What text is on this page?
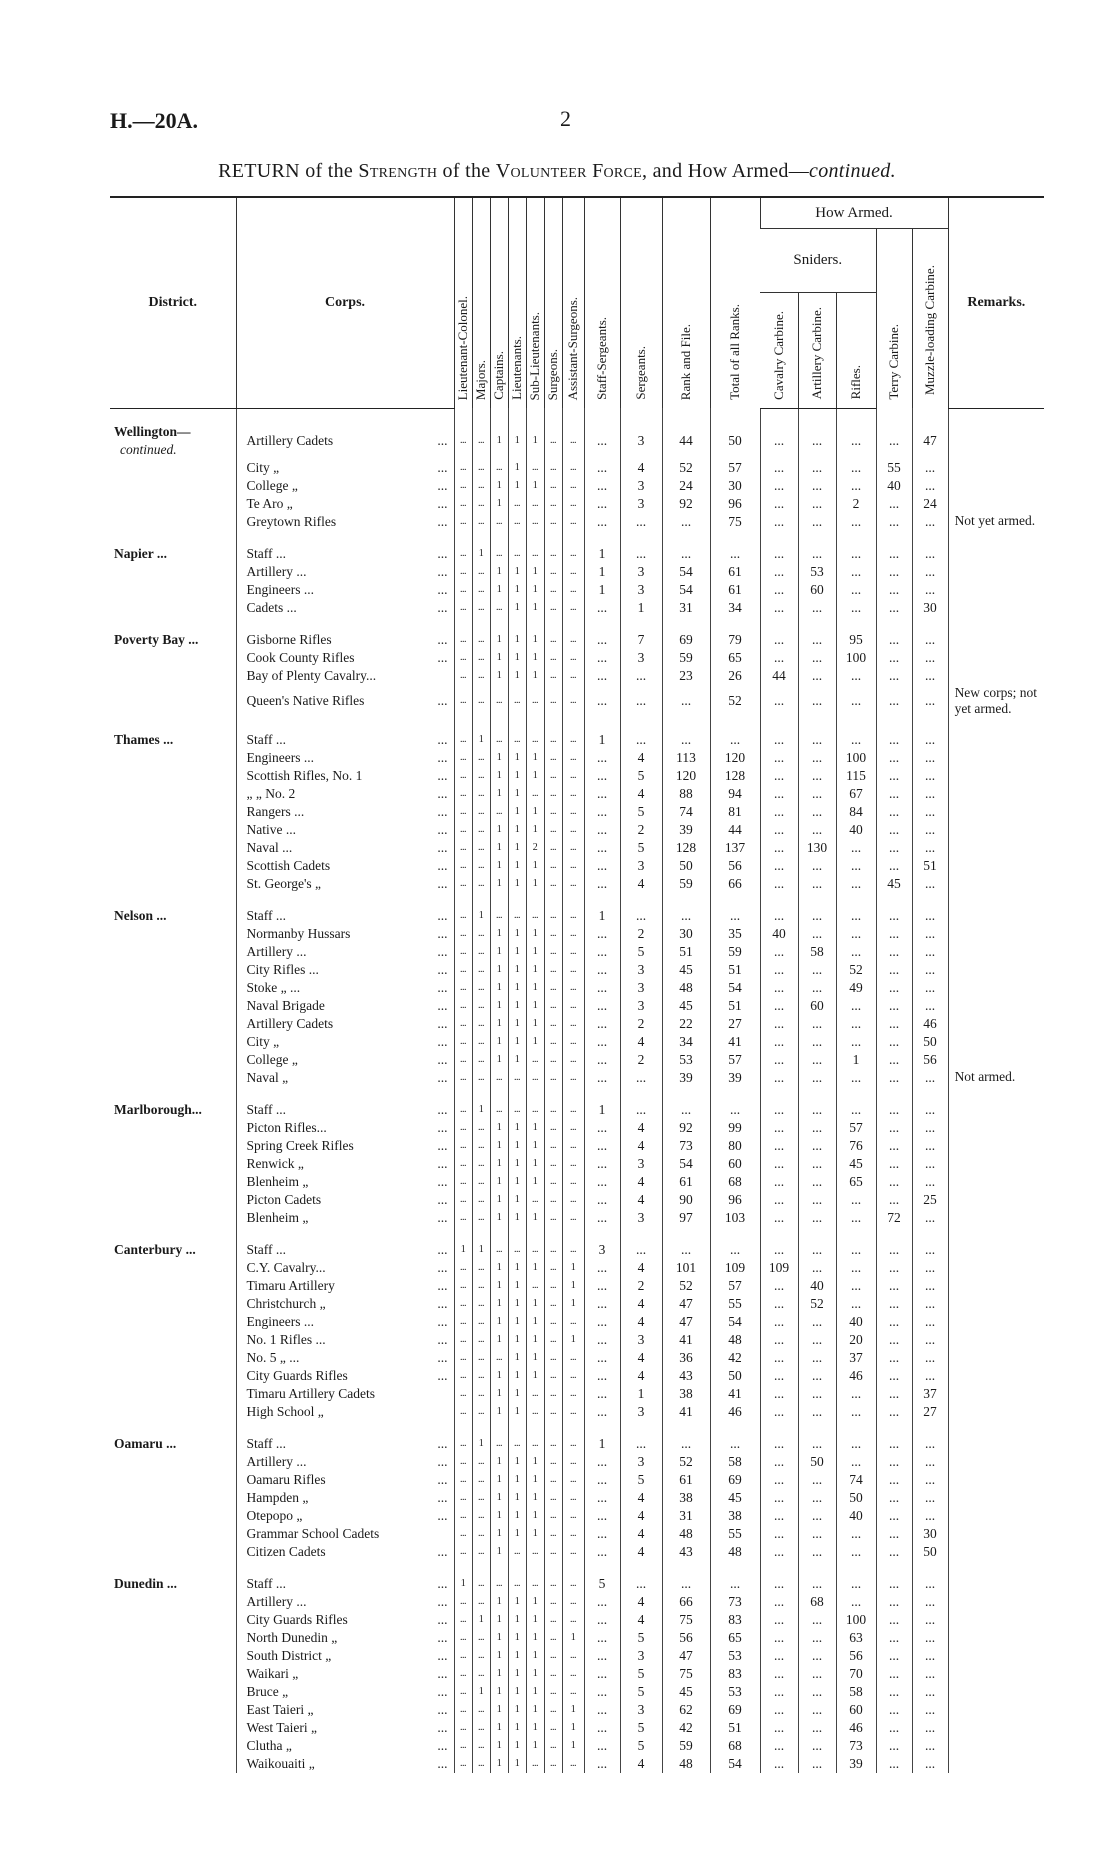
H.—20A.	2
RETURN of the Strength of the Volunteer Force, and How Armed—continued.
District.	Corps.	Lieutenant-Colonel.	Majors.	Captains.	Lieutenants.	Sub-Lieutenants.	Surgeons.	Assistant-Surgeons.	Staff-Sergeants.	Sergeants.	Rank and File.	Total of all Ranks.	How Armed.					Remarks.
													Sniders.			Terry Carbine.	Muzzle-loading Carbine.	

													Cavalry Carbine.	Artillery Carbine.	Rifles.			

Wellington—
continued.	Artillery Cadets ...	...	...	1	1	1	...	...	...	3	44	50	...	...	...	...	47	
	City „ ...	...	...	...	1	...	...	...	...	4	52	57	...	...	...	55	...	
	College „ ...	...	...	1	1	1	...	...	...	3	24	30	...	...	...	40	...	
	Te Aro „ ...	...	...	1	...	...	...	...	...	3	92	96	...	...	2	...	24	
	Greytown Rifles ...	...	...	...	...	...	...	...	...	...	...	75	...	...	...	...	...	Not yet armed.

Napier ...	Staff ... ...	...	1	...	...	...	...	...	1	...	...	...	...	...	...	...	...	
	Artillery ... ...	...	...	1	1	1	...	...	1	3	54	61	...	53	...	...	...	
	Engineers ... ...	...	...	1	1	1	...	...	1	3	54	61	...	60	...	...	...	
	Cadets ... ...	...	...	...	1	1	...	...	...	1	31	34	...	...	...	...	30	

Poverty Bay ...	Gisborne Rifles ...	...	...	1	1	1	...	...	...	7	69	79	...	...	95	...	...	
	Cook County Rifles ...	...	...	1	1	1	...	...	...	3	59	65	...	...	100	...	...	
	Bay of Plenty Cavalry...	...	...	1	1	1	...	...	...	...	23	26	44	...	...	...	...	
	Queen's Native Rifles ...	...	...	...	...	...	...	...	...	...	...	52	...	...	...	...	...	New corps; not yet armed.

Thames ...	Staff ... ...	...	1	...	...	...	...	...	1	...	...	...	...	...	...	...	...	
	Engineers ... ...	...	...	1	1	1	...	...	...	4	113	120	...	...	100	...	...	
	Scottish Rifles, No. 1 ...	...	...	1	1	1	...	...	...	5	120	128	...	...	115	...	...	
	„ „ No. 2 ...	...	...	1	1	...	...	...	...	4	88	94	...	...	67	...	...	
	Rangers ... ...	...	...	...	1	1	...	...	...	5	74	81	...	...	84	...	...	
	Native ... ...	...	...	1	1	1	...	...	...	2	39	44	...	...	40	...	...	
	Naval ... ...	...	...	1	1	2	...	...	...	5	128	137	...	130	...	...	...	
	Scottish Cadets ...	...	...	1	1	1	...	...	...	3	50	56	...	...	...	...	51	
	St. George's „ ...	...	...	1	1	1	...	...	...	4	59	66	...	...	...	45	...	

Nelson ...	Staff ... ...	...	1	...	...	...	...	...	1	...	...	...	...	...	...	...	...	
	Normanby Hussars ...	...	...	1	1	1	...	...	...	2	30	35	40	...	...	...	...	
	Artillery ... ...	...	...	1	1	1	...	...	...	5	51	59	...	58	...	...	...	
	City Rifles ... ...	...	...	1	1	1	...	...	...	3	45	51	...	...	52	...	...	
	Stoke „ ... ...	...	...	1	1	1	...	...	...	3	48	54	...	...	49	...	...	
	Naval Brigade ...	...	...	1	1	1	...	...	...	3	45	51	...	60	...	...	...	
	Artillery Cadets ...	...	...	1	1	1	...	...	...	2	22	27	...	...	...	...	46	
	City „ ...	...	...	1	1	1	...	...	...	4	34	41	...	...	...	...	50	
	College „ ...	...	...	1	1	...	...	...	...	2	53	57	...	...	1	...	56	
	Naval „ ...	...	...	...	...	...	...	...	...	...	39	39	...	...	...	...	...	Not armed.

Marlborough...	Staff ... ...	...	1	...	...	...	...	...	1	...	...	...	...	...	...	...	...	
	Picton Rifles... ...	...	...	1	1	1	...	...	...	4	92	99	...	...	57	...	...	
	Spring Creek Rifles ...	...	...	1	1	1	...	...	...	4	73	80	...	...	76	...	...	
	Renwick „ ...	...	...	1	1	1	...	...	...	3	54	60	...	...	45	...	...	
	Blenheim „ ...	...	...	1	1	1	...	...	...	4	61	68	...	...	65	...	...	
	Picton Cadets ...	...	...	1	1	...	...	...	...	4	90	96	...	...	...	...	25	
	Blenheim „ ...	...	...	1	1	1	...	...	...	3	97	103	...	...	...	72	...	

Canterbury ...	Staff ... ...	1	1	...	...	...	...	...	3	...	...	...	...	...	...	...	...	
	C.Y. Cavalry... ...	...	...	1	1	1	...	1	...	4	101	109	109	...	...	...	...	
	Timaru Artillery ...	...	...	1	1	...	...	1	...	2	52	57	...	40	...	...	...	
	Christchurch „ ...	...	...	1	1	1	...	1	...	4	47	55	...	52	...	...	...	
	Engineers ... ...	...	...	1	1	1	...	...	...	4	47	54	...	...	40	...	...	
	No. 1 Rifles ... ...	...	...	1	1	1	...	1	...	3	41	48	...	...	20	...	...	
	No. 5 „ ... ...	...	...	...	1	1	...	...	...	4	36	42	...	...	37	...	...	
	City Guards Rifles ...	...	...	1	1	1	...	...	...	4	43	50	...	...	46	...	...	
	Timaru Artillery Cadets	...	...	1	1	...	...	...	...	1	38	41	...	...	...	...	37	
	High School „	...	...	1	1	...	...	...	...	3	41	46	...	...	...	...	27	

Oamaru ...	Staff ... ...	...	1	...	...	...	...	...	1	...	...	...	...	...	...	...	...	
	Artillery ... ...	...	...	1	1	1	...	...	...	3	52	58	...	50	...	...	...	
	Oamaru Rifles ...	...	...	1	1	1	...	...	...	5	61	69	...	...	74	...	...	
	Hampden „ ...	...	...	1	1	1	...	...	...	4	38	45	...	...	50	...	...	
	Otepopo „ ...	...	...	1	1	1	...	...	...	4	31	38	...	...	40	...	...	
	Grammar School Cadets	...	...	1	1	1	...	...	...	4	48	55	...	...	...	...	30	
	Citizen Cadets ...	...	...	1	...	...	...	...	...	4	43	48	...	...	...	...	50	

Dunedin ...	Staff ... ...	1	...	...	...	...	...	...	5	...	...	...	...	...	...	...	...	
	Artillery ... ...	...	...	1	1	1	...	...	...	4	66	73	...	68	...	...	...	
	City Guards Rifles ...	...	1	1	1	1	...	...	...	4	75	83	...	...	100	...	...	
	North Dunedin „ ...	...	...	1	1	1	...	1	...	5	56	65	...	...	63	...	...	
	South District „ ...	...	...	1	1	1	...	...	...	3	47	53	...	...	56	...	...	
	Waikari „ ...	...	...	1	1	1	...	...	...	5	75	83	...	...	70	...	...	
	Bruce „ ...	...	1	1	1	1	...	...	...	5	45	53	...	...	58	...	...	
	East Taieri „ ...	...	...	1	1	1	...	1	...	3	62	69	...	...	60	...	...	
	West Taieri „ ...	...	...	1	1	1	...	1	...	5	42	51	...	...	46	...	...	
	Clutha „ ...	...	...	1	1	1	...	1	...	5	59	68	...	...	73	...	...	
	Waikouaiti „ ...	...	...	1	1	...	...	...	...	4	48	54	...	...	39	...	...	
